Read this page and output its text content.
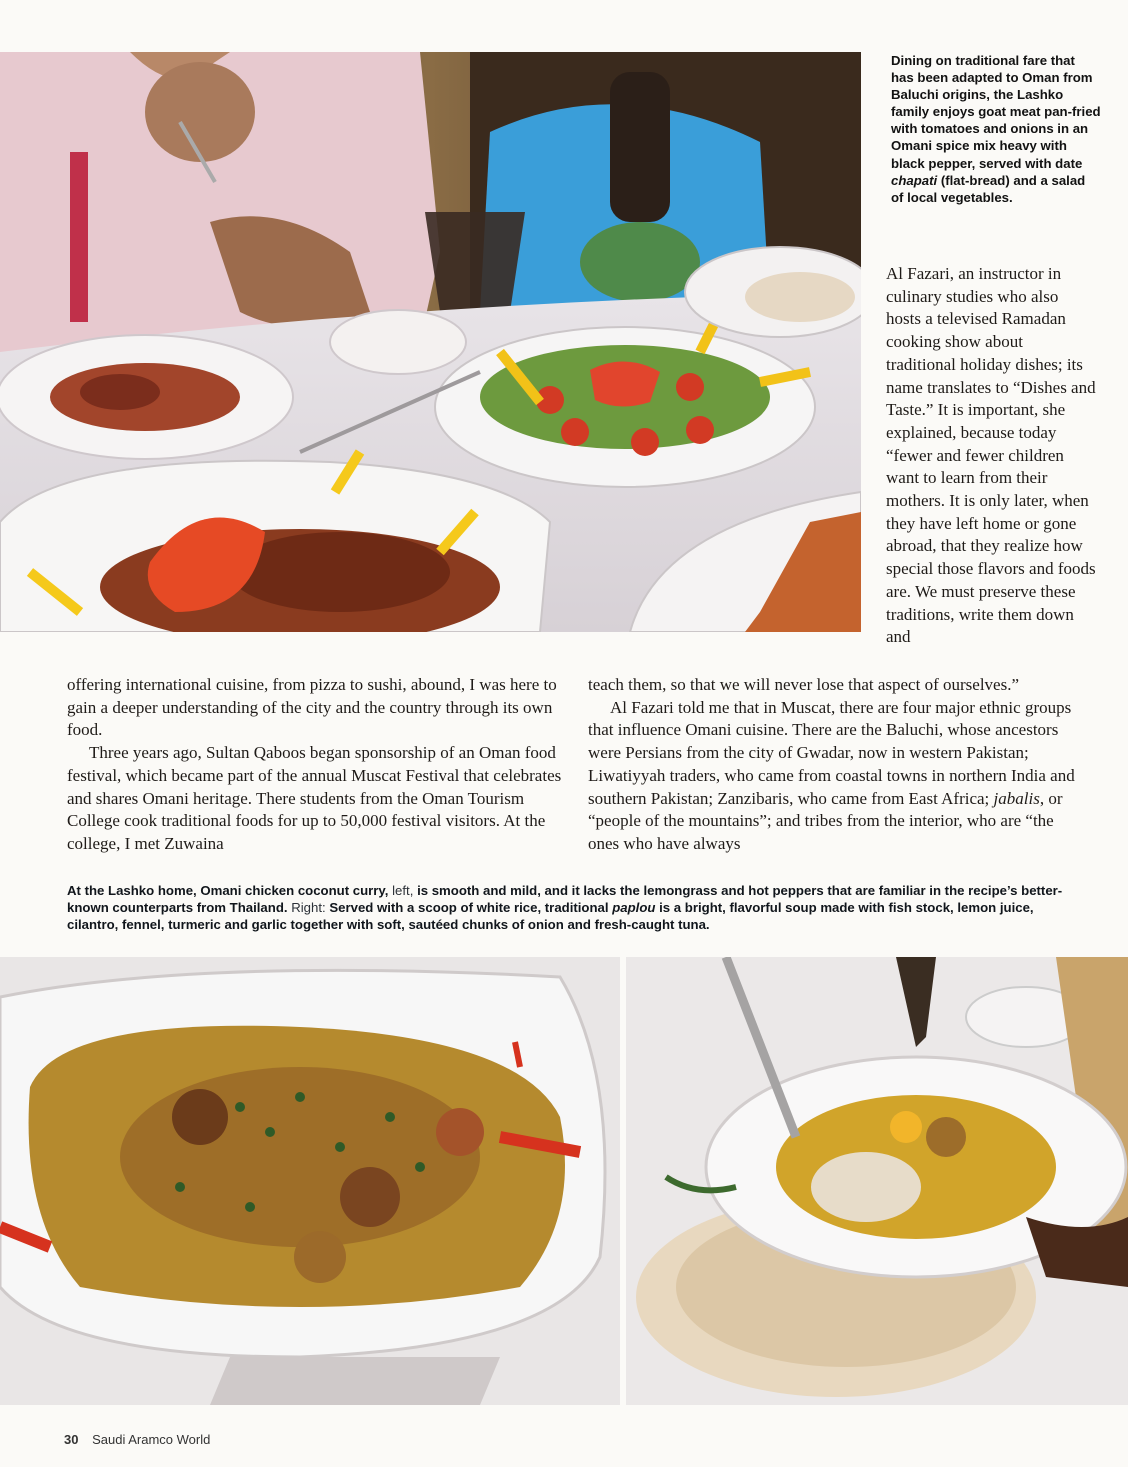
Dining on traditional fare that has been adapted to Oman from Baluchi origins, the Lashko family enjoys goat meat pan-fried with tomatoes and onions in an Omani spice mix heavy with black pepper, served with date chapati (flat-bread) and a salad of local vegetables.

Al Fazari, an instructor in culinary studies who also hosts a televised Ramadan cooking show about traditional holiday dishes; its name translates to “Dishes and Taste.” It is important, she explained, because today “fewer and fewer children want to learn from their mothers. It is only later, when they have left home or gone abroad, that they realize how special those flavors and foods are. We must preserve these traditions, write them down and

offering international cuisine, from pizza to sushi, abound, I was here to gain a deeper understanding of the city and the country through its own food.

Three years ago, Sultan Qaboos began sponsorship of an Oman food festival, which became part of the annual Muscat Festival that celebrates and shares Omani heritage. There students from the Oman Tourism College cook traditional foods for up to 50,000 festival visitors. At the college, I met Zuwaina

teach them, so that we will never lose that aspect of ourselves.”

Al Fazari told me that in Muscat, there are four major ethnic groups that influence Omani cuisine. There are the Baluchi, whose ancestors were Persians from the city of Gwadar, now in western Pakistan; Liwatiyyah traders, who came from coastal towns in northern India and southern Pakistan; Zanzibaris, who came from East Africa; jabalis, or “people of the mountains”; and tribes from the interior, who are “the ones who have always

At the Lashko home, Omani chicken coconut curry, left, is smooth and mild, and it lacks the lemongrass and hot peppers that are familiar in the recipe’s better-known counterparts from Thailand. Right: Served with a scoop of white rice, traditional paplou is a bright, flavorful soup made with fish stock, lemon juice, cilantro, fennel, turmeric and garlic together with soft, sautéed chunks of onion and fresh-caught tuna.
30 Saudi Aramco World
